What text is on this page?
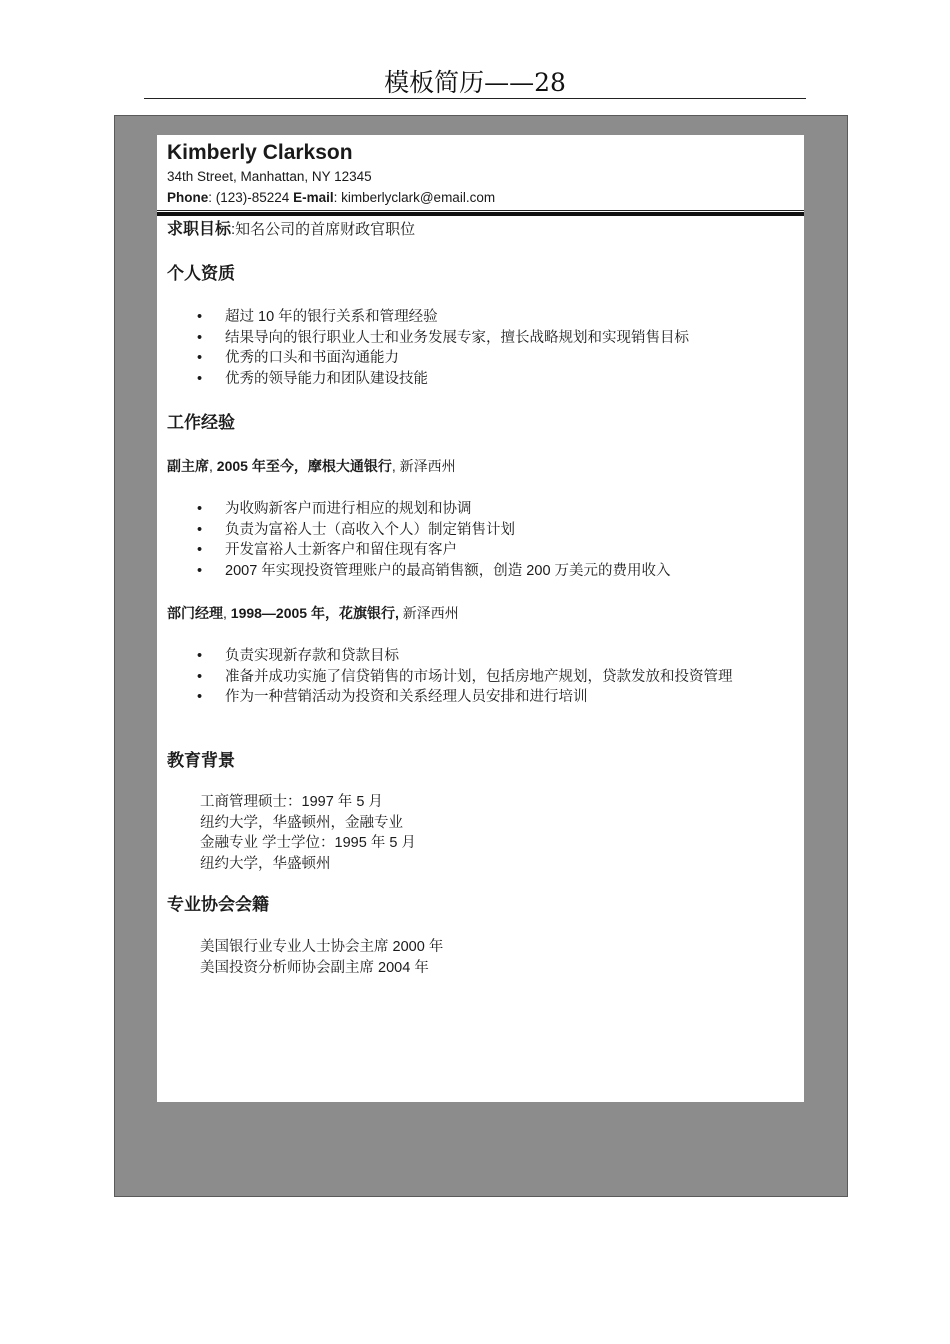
模板简历——28
Kimberly Clarkson
34th Street, Manhattan, NY 12345
Phone: (123)-85224 E-mail: kimberlyclark@email.com
求职目标:知名公司的首席财政官职位
个人资质
• 超过 10 年的银行关系和管理经验
• 结果导向的银行职业人士和业务发展专家，擅长战略规划和实现销售目标
• 优秀的口头和书面沟通能力
• 优秀的领导能力和团队建设技能
工作经验
副主席, 2005 年至今，摩根大通银行, 新泽西州
• 为收购新客户而进行相应的规划和协调
• 负责为富裕人士（高收入个人）制定销售计划
• 开发富裕人士新客户和留住现有客户
• 2007 年实现投资管理账户的最高销售额，创造 200 万美元的费用收入
部门经理, 1998—2005 年，花旗银行, 新泽西州
• 负责实现新存款和贷款目标
• 准备并成功实施了信贷销售的市场计划，包括房地产规划，贷款发放和投资管理
• 作为一种营销活动为投资和关系经理人员安排和进行培训
教育背景
工商管理硕士：1997 年 5 月
纽约大学，华盛顿州，金融专业
金融专业 学士学位：1995 年 5 月
纽约大学，华盛顿州
专业协会会籍
美国银行业专业人士协会主席 2000 年
美国投资分析师协会副主席 2004 年
